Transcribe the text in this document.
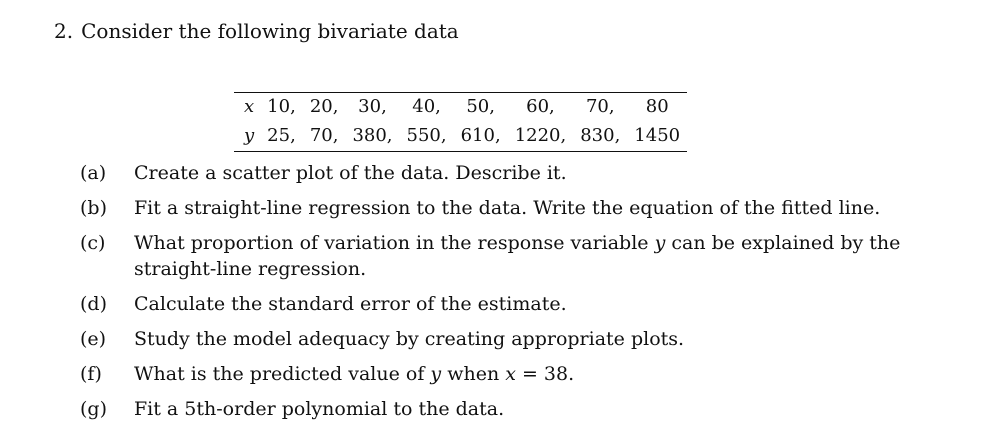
2. Consider the following bivariate data
x	10,	20,	30,	40,	50,	60,	70,	80
y	25,	70,	380,	550,	610,	1220,	830,	1450
(a)	Create a scatter plot of the data. Describe it.
(b)	Fit a straight-line regression to the data. Write the equation of the fitted line.
(c)	What proportion of variation in the response variable y can be explained by the straight-line regression.
(d)	Calculate the standard error of the estimate.
(e)	Study the model adequacy by creating appropriate plots.
(f)	What is the predicted value of y when x = 38.
(g)	Fit a 5th-order polynomial to the data.
